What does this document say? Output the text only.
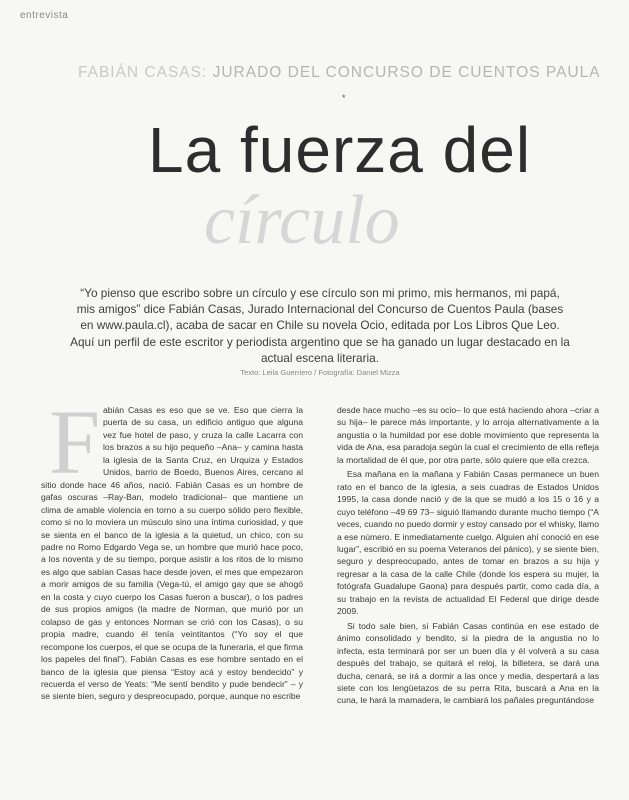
entrevista
FABIÁN CASAS: JURADO DEL CONCURSO DE CUENTOS PAULA
*
La fuerza del
círculo
“Yo pienso que escribo sobre un círculo y ese círculo son mi primo, mis hermanos, mi papá, mis amigos” dice Fabián Casas, Jurado Internacional del Concurso de Cuentos Paula (bases en www.paula.cl), acaba de sacar en Chile su novela Ocio, editada por Los Libros Que Leo. Aquí un perfil de este escritor y periodista argentino que se ha ganado un lugar destacado en la actual escena literaria.
Texto: Leila Guerriero / Fotografía: Daniel Mizza
F abián Casas es eso que se ve. Eso que cierra la puerta de su casa, un edificio antiguo que alguna vez fue hotel de paso, y cruza la calle Lacarra con los brazos a su hijo pequeño –Ana– y camina hasta la iglesia de la Santa Cruz, en Urquiza y Estados Unidos, barrio de Boedo, Buenos Aires, cercano al sitio donde hace 46 años, nació. Fabián Casas es un hombre de gafas oscuras –Ray-Ban, modelo tradicional– que mantiene un clima de amable violencia en torno a su cuerpo sólido pero flexible, como si no lo moviera un músculo sino una íntima curiosidad, y que se sienta en el banco de la iglesia a la quietud, un chico, con su padre no Romo Edgardo Vega se, un hombre que murió hace poco, a los noventa y de su tiempo, porque asistir a los ritos de lo mismo es algo que sabían Casas hace desde joven, el mes que empezaron a morir amigos de su familia (Vega-tú, el amigo gay que se ahogó en la costa y cuyo cuerpo los Casas fueron a buscar), o los padres de sus propios amigos (la madre de Norman, que murió por un colapso de gas y entonces Norman se crió con los Casas), o su propia madre, cuando él tenía veintitantos (“Yo soy el que recompone los cuerpos, el que se ocupa de la funeraria, el que firma los papeles del final”). Fabián Casas es ese hombre sentado en el banco de la iglesia que piensa “Estoy acá y estoy bendecido” y recuerda el verso de Yeats: “Me sentí bendito y pude bendecir” – y se siente bien, seguro y despreocupado, porque, aunque no escribe

desde hace mucho –es su ocio– lo que está haciendo ahora –criar a su hija– le parece más importante, y lo arroja alternativamente a la angustia o la humildad por ese doble movimiento que representa la vida de Ana, esa paradoja según la cual el crecimiento de ella refleja la mortalidad de él que, por otra parte, sólo quiere que ella crezca.

Esa mañana en la mañana y Fabián Casas permanece un buen rato en el banco de la iglesia, a seis cuadras de Estados Unidos 1995, la casa donde nació y de la que se mudó a los 15 o 16 y a cuyo teléfono –49 69 73– siguió llamando durante mucho tiempo (“A veces, cuando no puedo dormir y estoy cansado por el whisky, llamo a ese número. E inmediatamente cuelgo. Alguien ahí conoció en ese lugar”, escribió en su poema Veteranos del pánico), y se siente bien, seguro y despreocupado, antes de tomar en brazos a su hija y regresar a la casa de la calle Chile (donde los espera su mujer, la fotógrafa Guadalupe Gaona) para después partir, como cada día, a su trabajo en la revista de actualidad El Federal que dirige desde 2009.

Si todo sale bien, si Fabián Casas continúa en ese estado de ánimo consolidado y bendito, si la piedra de la angustia no lo infecta, esta terminará por ser un buen día y él volverá a su casa después del trabajo, se quitará el reloj, la billetera, se dará una ducha, cenará, se irá a dormir a las once y media, despertará a las siete con los lengüetazos de su perra Rita, buscará a Ana en la cuna, le hará la mamadera, le cambiará los pañales preguntándose
